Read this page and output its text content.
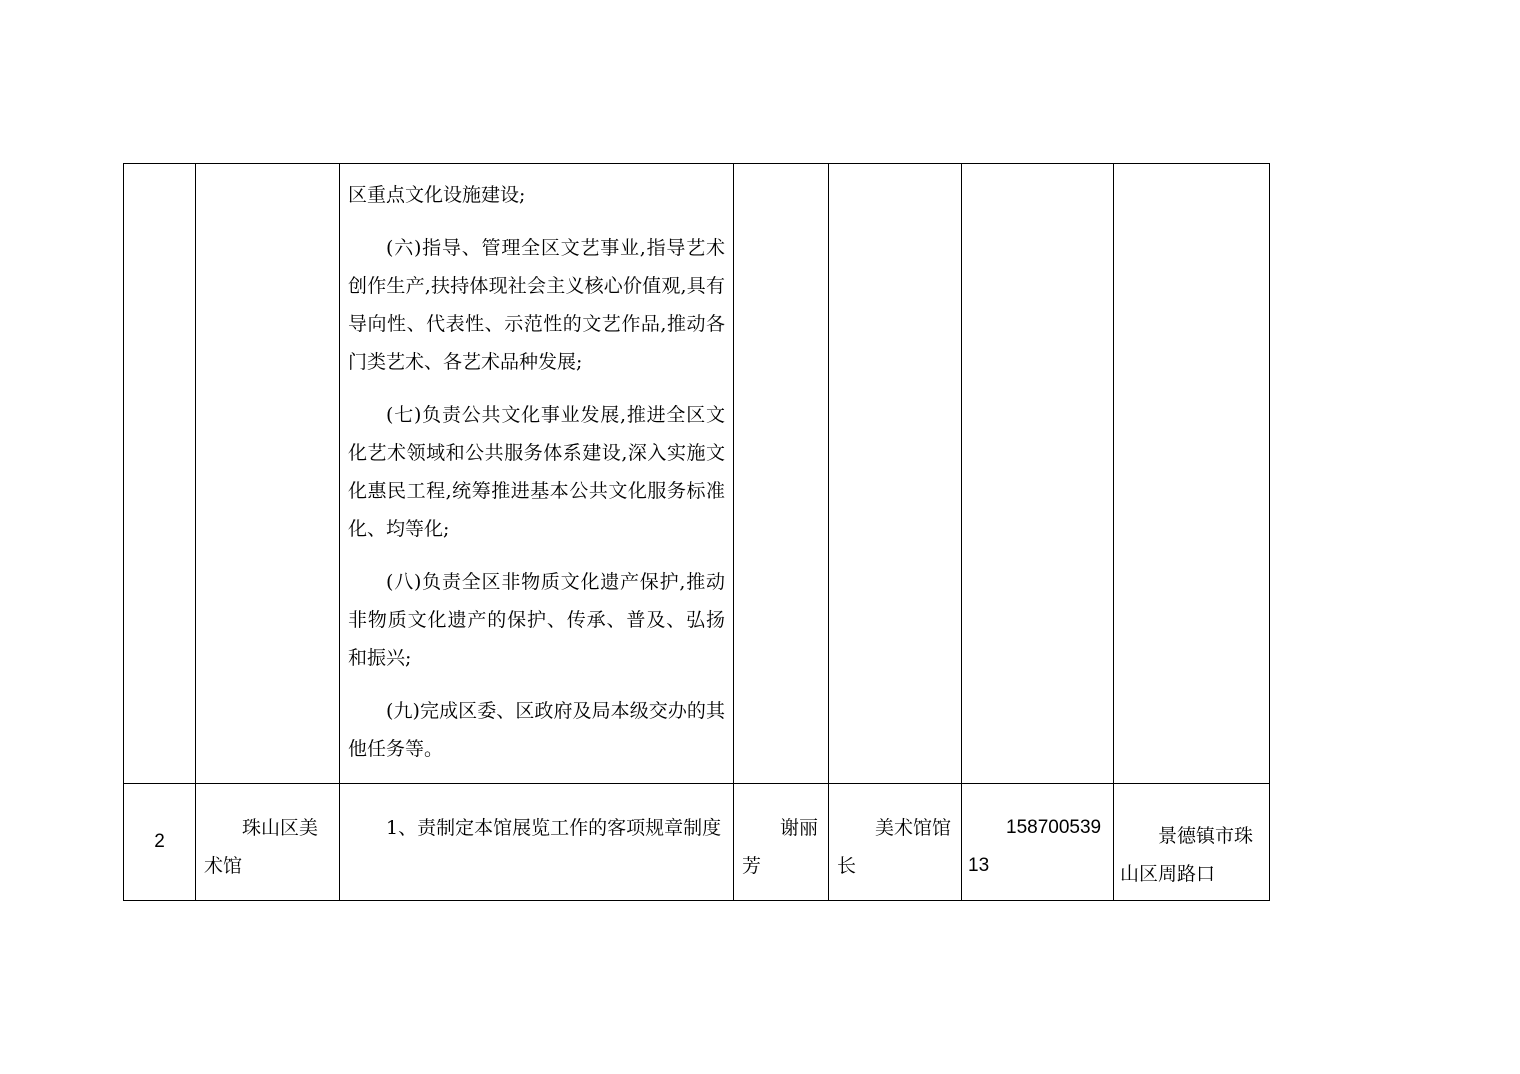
		区重点文化设施建设;

(六)指导、管理全区文艺事业,指导艺术创作生产,扶持体现社会主义核心价值观,具有导向性、代表性、示范性的文艺作品,推动各门类艺术、各艺术品种发展;

(七)负责公共文化事业发展,推进全区文化艺术领域和公共服务体系建设,深入实施文化惠民工程,统筹推进基本公共文化服务标准化、均等化;

(八)负责全区非物质文化遗产保护,推动非物质文化遗产的保护、传承、普及、弘扬和振兴;

(九)完成区委、区政府及局本级交办的其他任务等。				

2	珠山区美术馆	1、责制定本馆展览工作的客项规章制度	谢丽芳	美术馆馆长	15870053913	景德镇市珠山区周路口
